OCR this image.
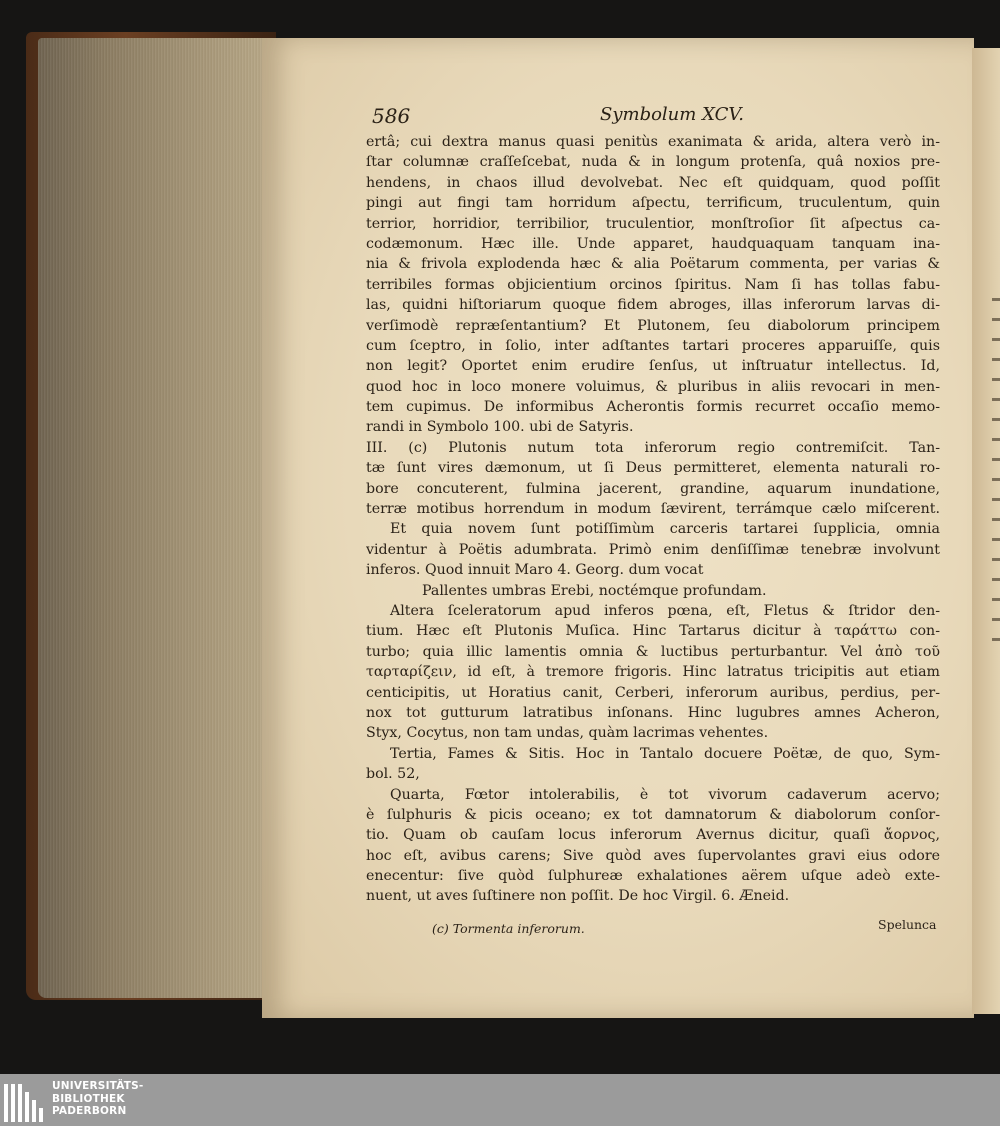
586	Symbolum XCV.
ertâ; cui dextra manus quasi penitùs exanimata & arida, altera verò in-
ſtar columnæ craſſeſcebat, nuda & in longum protenſa, quâ noxios pre-
hendens, in chaos illud devolvebat. Nec eſt quidquam, quod poſſit
pingi aut fingi tam horridum aſpectu, terrificum, truculentum, quin
terrior, horridior, terribilior, truculentior, monſtroſior ſit aſpectus ca-
codæmonum. Hæc ille. Unde apparet, haudquaquam tanquam ina-
nia & frivola explodenda hæc & alia Poëtarum commenta, per varias &
terribiles formas objicientium orcinos ſpiritus. Nam ſi has tollas fabu-
las, quidni hiſtoriarum quoque fidem abroges, illas inferorum larvas di-
verſimodè repræſentantium? Et Plutonem, ſeu diabolorum principem
cum ſceptro, in ſolio, inter adſtantes tartari proceres apparuiſſe, quis
non legit? Oportet enim erudire ſenſus, ut inſtruatur intellectus. Id,
quod hoc in loco monere voluimus, & pluribus in aliis revocari in men-
tem cupimus. De informibus Acherontis formis recurret occaſio memo-
randi in Symbolo 100. ubi de Satyris.
III. (c) Plutonis nutum tota inferorum regio contremiſcit. Tan-
tæ ſunt vires dæmonum, ut ſi Deus permitteret, elementa naturali ro-
bore concuterent, fulmina jacerent, grandine, aquarum inundatione,
terræ motibus horrendum in modum ſævirent, terrámque cælo miſcerent.
Et quia novem ſunt potiſſimùm carceris tartarei ſupplicia, omnia
videntur à Poëtis adumbrata. Primò enim denſiſſimæ tenebræ involvunt
inferos. Quod innuit Maro 4. Georg. dum vocat
Pallentes umbras Erebi, noctémque profundam.
Altera ſceleratorum apud inferos pœna, eſt, Fletus & ſtridor den-
tium. Hæc eſt Plutonis Muſica. Hinc Tartarus dicitur à ταράττω con-
turbo; quia illic lamentis omnia & luctibus perturbantur. Vel ἀπὸ τοῦ
ταρταρίζειν, id eſt, à tremore frigoris. Hinc latratus tricipitis aut etiam
centicipitis, ut Horatius canit, Cerberi, inferorum auribus, perdius, per-
nox tot gutturum latratibus inſonans. Hinc lugubres amnes Acheron,
Styx, Cocytus, non tam undas, quàm lacrimas vehentes.
Tertia, Fames & Sitis. Hoc in Tantalo docuere Poëtæ, de quo, Sym-
bol. 52,
Quarta, Fœtor intolerabilis, è tot vivorum cadaverum acervo;
è ſulphuris & picis oceano; ex tot damnatorum & diabolorum conſor-
tio. Quam ob cauſam locus inferorum Avernus dicitur, quaſi ἄορνος,
hoc eſt, avibus carens; Sive quòd aves ſupervolantes gravi eius odore
enecentur: ſive quòd ſulphureæ exhalationes aërem uſque adeò exte-
nuent, ut aves ſuſtinere non poſſit. De hoc Virgil. 6. Æneid.
(c) Tormenta inferorum.	Spelunca
UNIVERSITÄTS-
BIBLIOTHEK
PADERBORN
